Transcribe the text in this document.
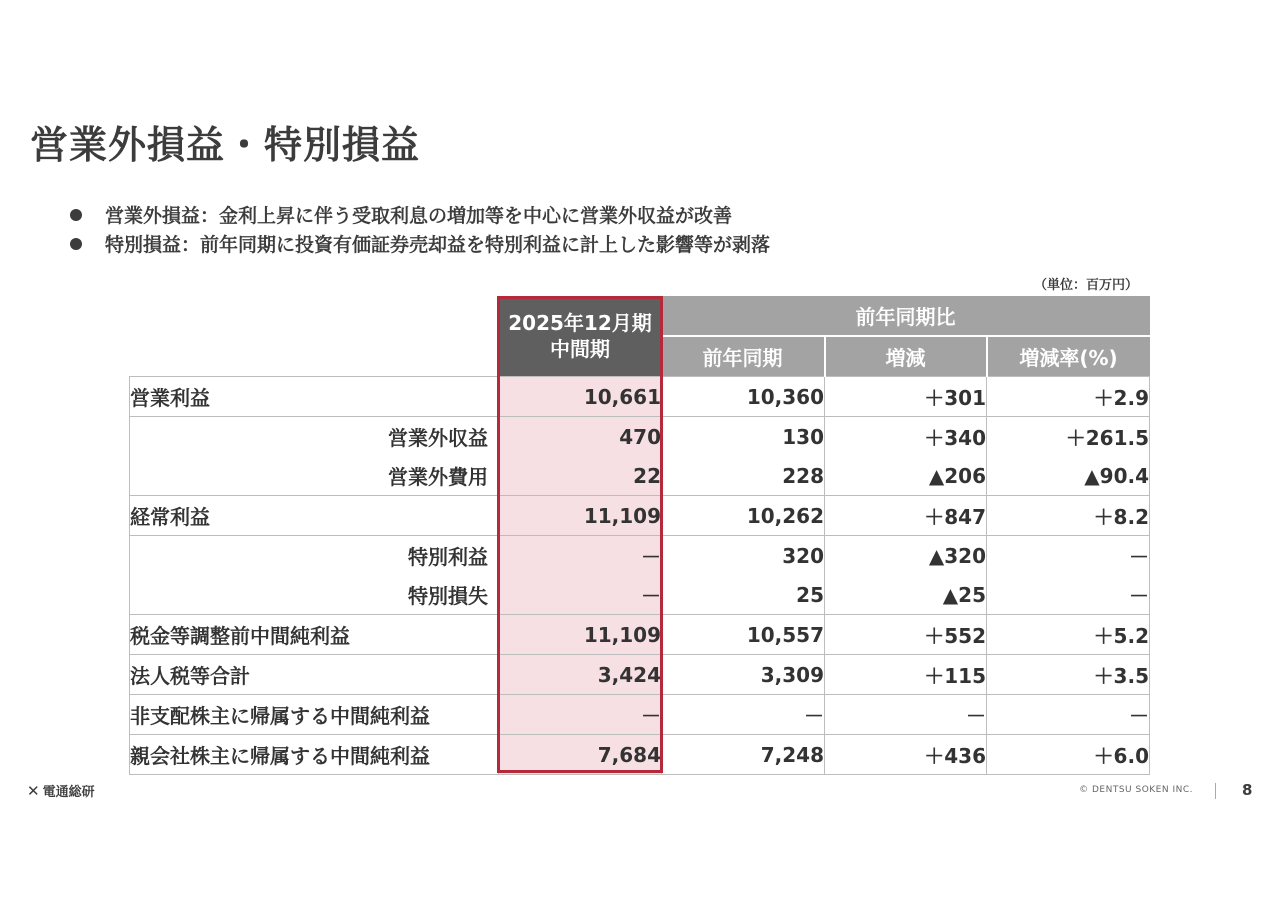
営業外損益・特別損益
営業外損益：金利上昇に伴う受取利息の増加等を中心に営業外収益が改善
特別損益：前年同期に投資有価証券売却益を特別利益に計上した影響等が剥落
（単位：百万円）

	2025年12月期
中間期	前年同期比		
		前年同期	増減	増減率(%)
営業利益	10,661	10,360	＋301	＋2.9
営業外収益	470	130	＋340	＋261.5
営業外費用	22	228	▲206	▲90.4
経常利益	11,109	10,262	＋847	＋8.2
特別利益	－	320	▲320	－
特別損失	－	25	▲25	－
税金等調整前中間純利益	11,109	10,557	＋552	＋5.2
法人税等合計	3,424	3,309	＋115	＋3.5
非支配株主に帰属する中間純利益	－	－	－	－
親会社株主に帰属する中間純利益	7,684	7,248	＋436	＋6.0
✕ 電通総研	© DENTSU SOKEN INC.	8
